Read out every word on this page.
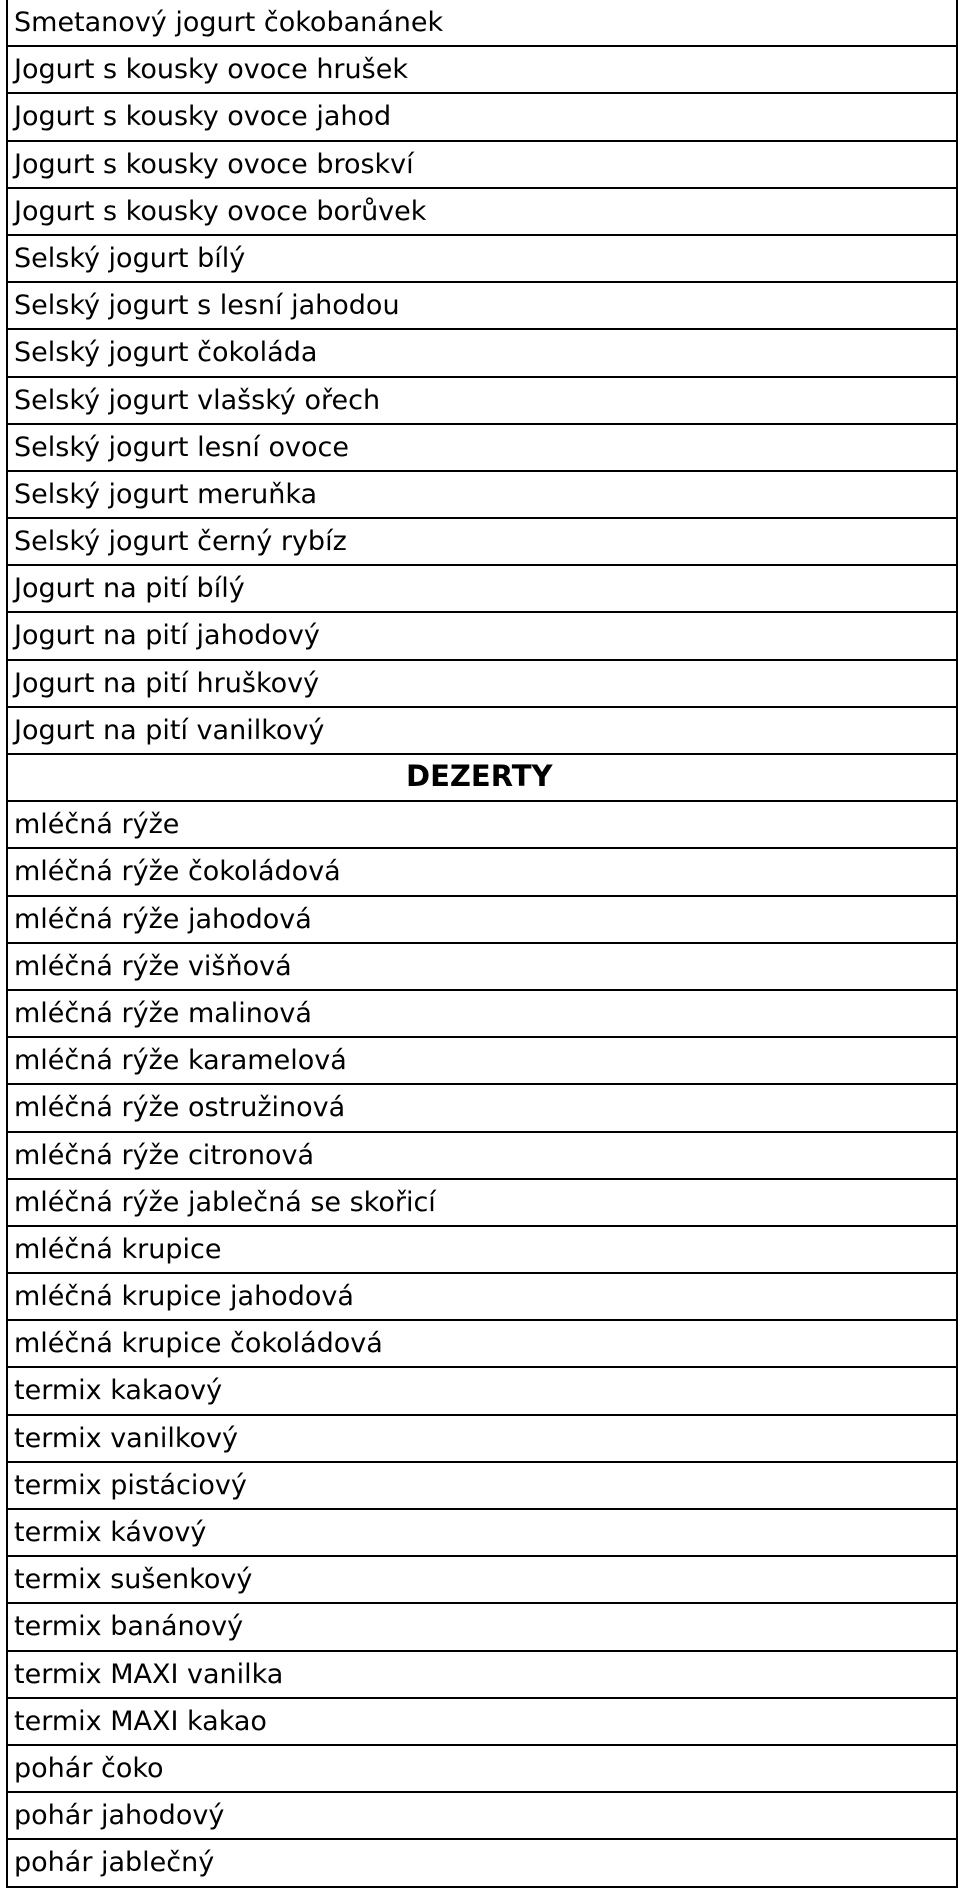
Smetanový jogurt čokobanánek
Jogurt s kousky ovoce hrušek
Jogurt s kousky ovoce jahod
Jogurt s kousky ovoce broskví
Jogurt s kousky ovoce borůvek
Selský jogurt bílý
Selský jogurt s lesní jahodou
Selský jogurt čokoláda
Selský jogurt vlašský ořech
Selský jogurt lesní ovoce
Selský jogurt meruňka
Selský jogurt černý rybíz
Jogurt na pití bílý
Jogurt na pití jahodový
Jogurt na pití hruškový
Jogurt na pití vanilkový
DEZERTY
mléčná rýže
mléčná rýže čokoládová
mléčná rýže jahodová
mléčná rýže višňová
mléčná rýže malinová
mléčná rýže karamelová
mléčná rýže ostružinová
mléčná rýže citronová
mléčná rýže jablečná se skořicí
mléčná krupice
mléčná krupice jahodová
mléčná krupice čokoládová
termix kakaový
termix vanilkový
termix pistáciový
termix kávový
termix sušenkový
termix banánový
termix MAXI vanilka
termix MAXI kakao
pohár čoko
pohár jahodový
pohár jablečný
